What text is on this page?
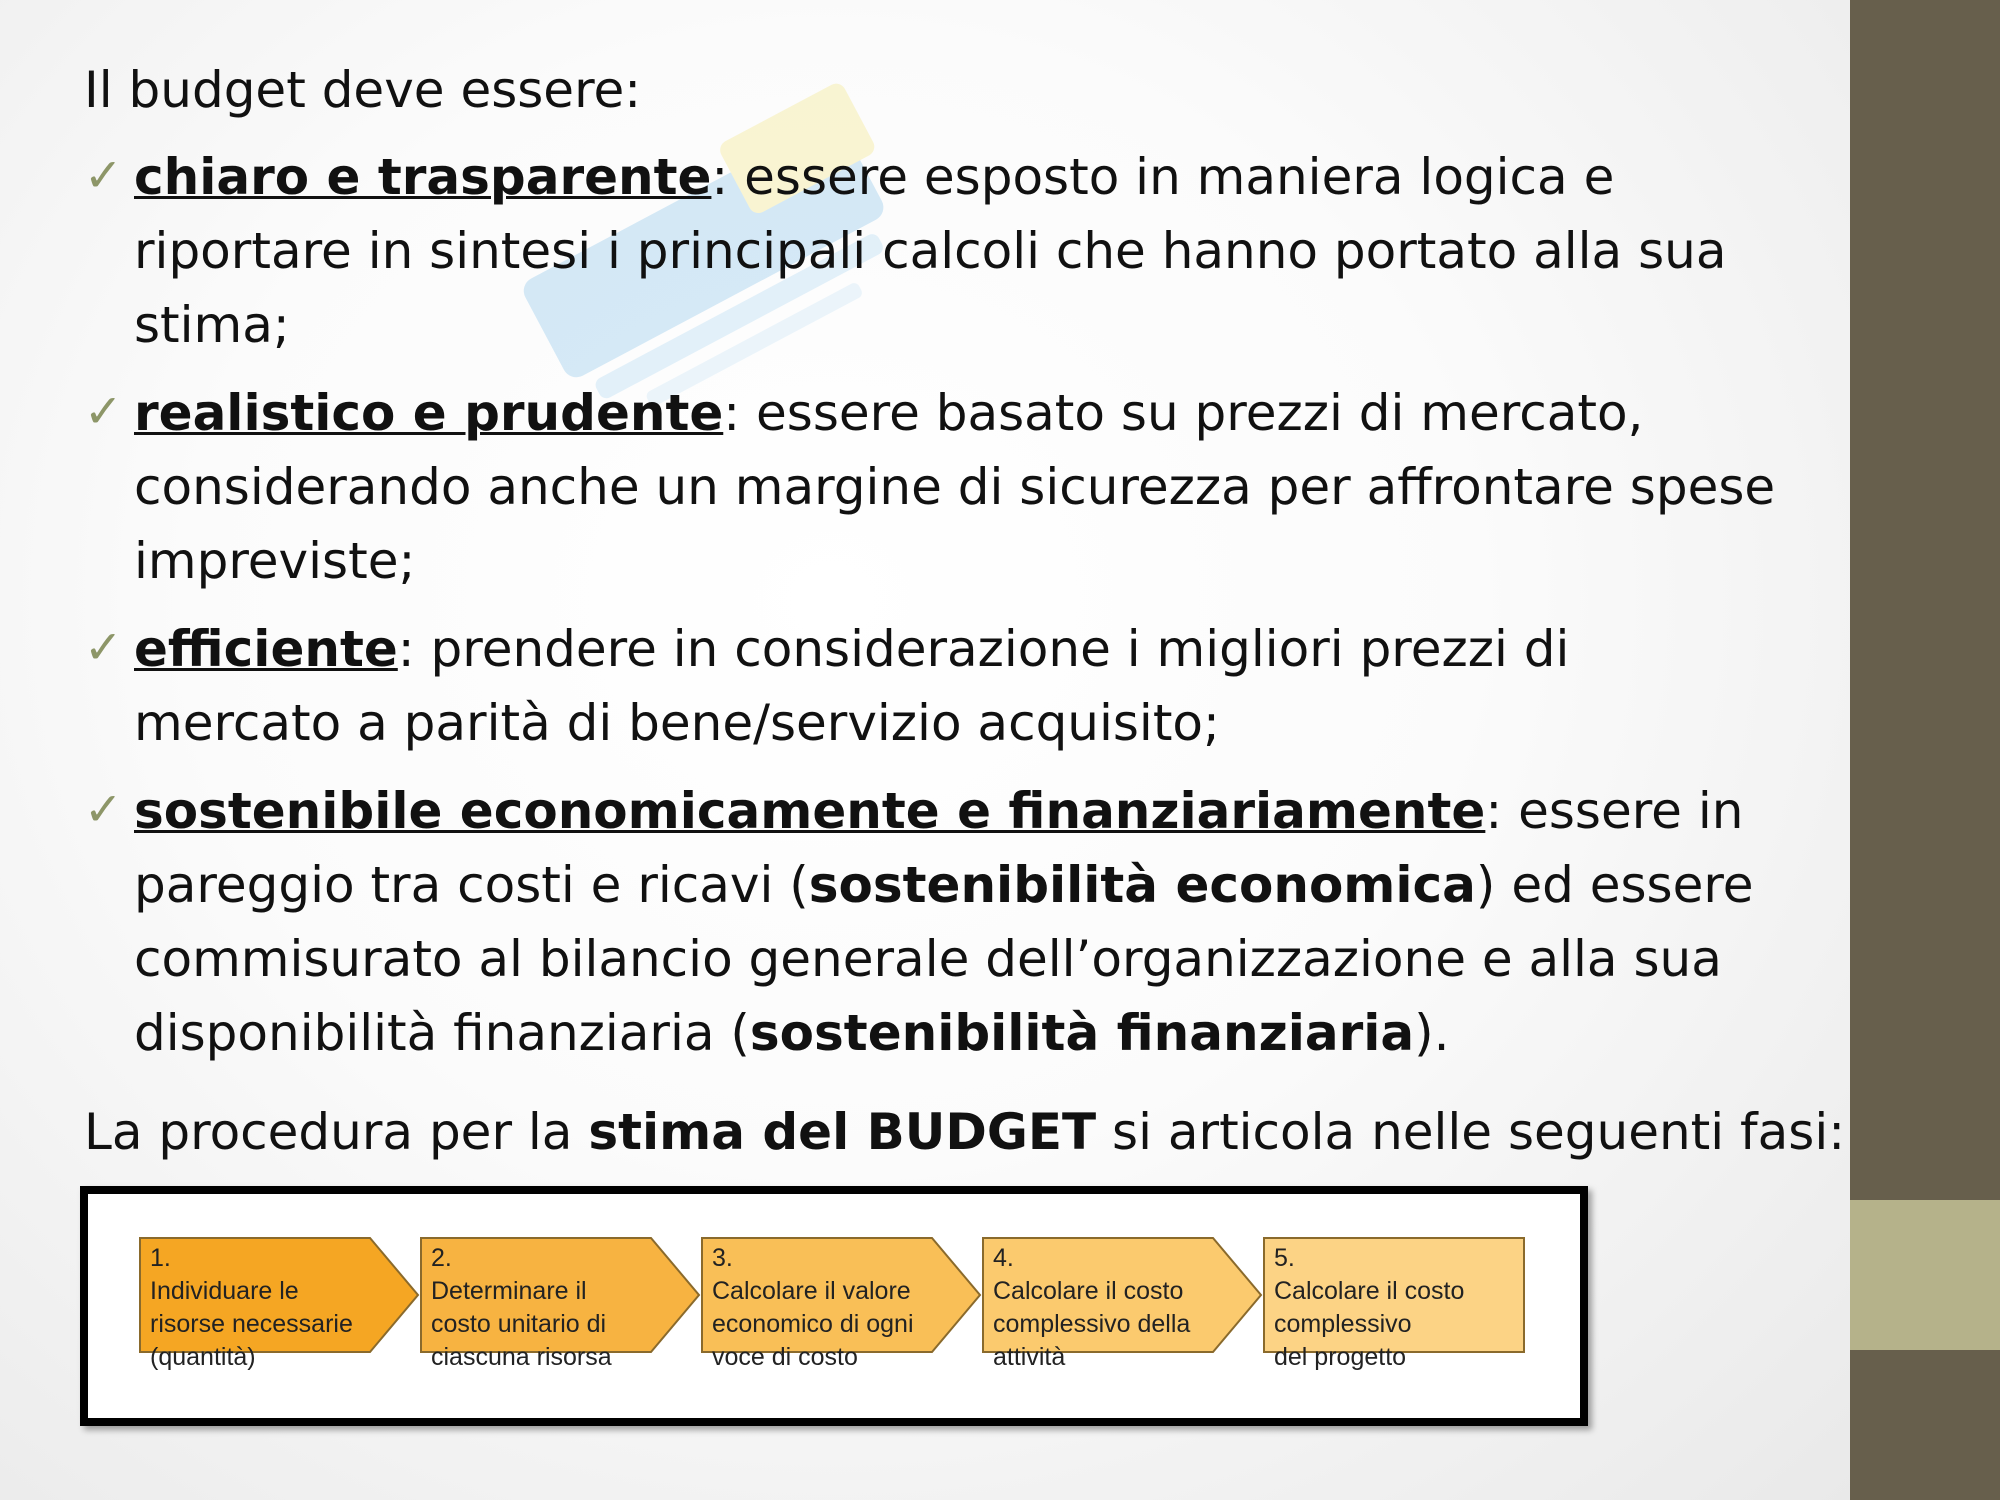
Il budget deve essere:
✓ chiaro e trasparente: essere esposto in maniera logica e riportare in sintesi i principali calcoli che hanno portato alla sua stima;
✓ realistico e prudente: essere basato su prezzi di mercato, considerando anche un margine di sicurezza per affrontare spese impreviste;
✓ efficiente: prendere in considerazione i migliori prezzi di mercato a parità di bene/servizio acquisito;
✓ sostenibile economicamente e finanziariamente: essere in pareggio tra costi e ricavi (sostenibilità economica) ed essere commisurato al bilancio generale dell’organizzazione e alla sua disponibilità finanziaria (sostenibilità finanziaria).
La procedura per la stima del BUDGET si articola nelle seguenti fasi:
1.
Individuare le
risorse necessarie
(quantità)
2.
Determinare il
costo unitario di
ciascuna risorsa
3.
Calcolare il valore
economico di ogni
voce di costo
4.
Calcolare il costo
complessivo della
attività
5.
Calcolare il costo
complessivo
del progetto
